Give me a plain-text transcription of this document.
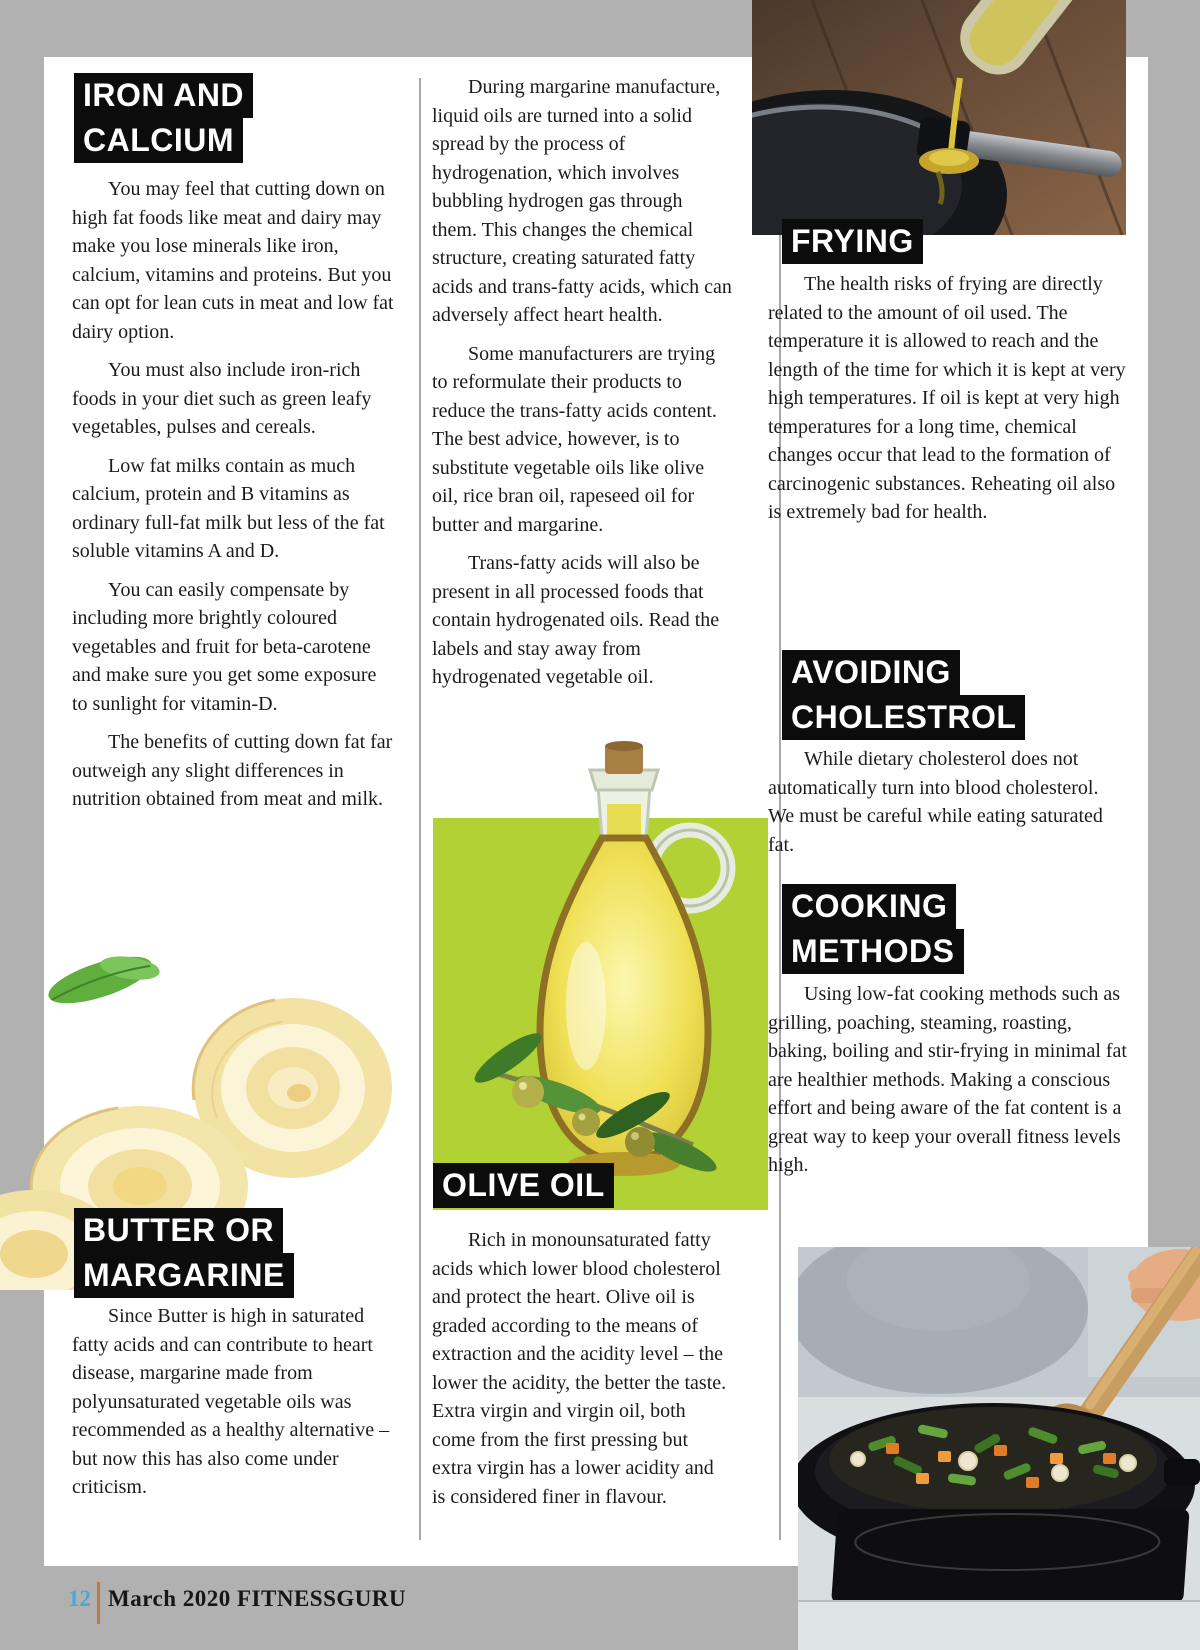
IRON AND
CALCIUM

You may feel that cutting down on high fat foods like meat and dairy may make you lose minerals like iron, calcium, vitamins and proteins. But you can opt for lean cuts in meat and low fat dairy option.

You must also include iron-rich foods in your diet such as green leafy vegetables, pulses and cereals.

Low fat milks contain as much calcium, protein and B vitamins as ordinary full-fat milk but less of the fat soluble vitamins A and D.

You can easily compensate by including more brightly coloured vegetables and fruit for beta-carotene and make sure you get some exposure to sunlight for vitamin-D.

The benefits of cutting down fat far outweigh any slight differences in nutrition obtained from meat and milk.

BUTTER OR
MARGARINE

Since Butter is high in saturated fatty acids and can contribute to heart disease, margarine made from polyunsaturated vegetable oils was recommended as a healthy alternative – but now this has also come under criticism.

During margarine manufacture, liquid oils are turned into a solid spread by the process of hydrogenation, which involves bubbling hydrogen gas through them. This changes the chemical structure, creating saturated fatty acids and trans-fatty acids, which can adversely affect heart health.

Some manufacturers are trying to reformulate their products to reduce the trans-fatty acids content. The best advice, however, is to substitute vegetable oils like olive oil, rice bran oil, rapeseed oil for butter and margarine.

Trans-fatty acids will also be present in all processed foods that contain hydrogenated oils. Read the labels and stay away from hydrogenated vegetable oil.

OLIVE OIL

Rich in monounsaturated fatty acids which lower blood cholesterol and protect the heart. Olive oil is graded according to the means of extraction and the acidity level – the lower the acidity, the better the taste. Extra virgin and virgin oil, both come from the first pressing but extra virgin has a lower acidity and is considered finer in flavour.

FRYING

The health risks of frying are directly related to the amount of oil used. The temperature it is allowed to reach and the length of the time for which it is kept at very high temperatures. If oil is kept at very high temperatures for a long time, chemical changes occur that lead to the formation of carcinogenic substances. Reheating oil also is extremely bad for health.

AVOIDING
CHOLESTROL

While dietary cholesterol does not automatically turn into blood cholesterol. We must be careful while eating saturated fat.

COOKING
METHODS

Using low-fat cooking methods such as grilling, poaching, steaming, roasting, baking, boiling and stir-frying in minimal fat are healthier methods. Making a conscious effort and being aware of the fat content is a great way to keep your overall fitness levels high.

12 March 2020 FITNESSGURU
